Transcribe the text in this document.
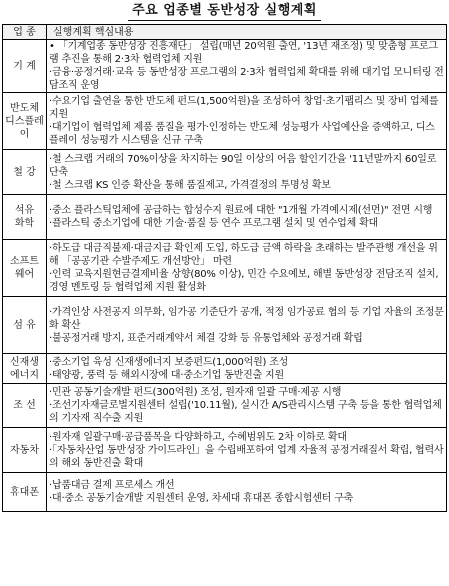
주요 업종별 동반성장 실행계획
업 종	실행계획 핵심내용

기 계	• 「기계업종 동반성장 진흥재단」 설립(매년 20억원 출연, '13년 재조정) 및 맞춤형 프로그램 추진을 통해 2·3차 협력업체 지원
·금융·공정거래·교육 등 동반성장 프로그램의 2·3차 협력업체 확대를 위해 대기업 모니터링 전담조직 운영

반도체
디스플레이	·수요기업 출연을 통한 반도체 펀드(1,500억원)을 조성하여 창업·초기팹리스 및 장비 업체를 지원
·대기업이 협력업체 제품 품질을 평가·인정하는 반도체 성능평가 사업예산을 증액하고, 디스플레이 성능평가 시스템을 신규 구축

철 강	·철 스크랩 거래의 70%이상을 차지하는 90일 이상의 어음 할인기간을 '11년말까지 60일로 단축
·철 스크랩 KS 인증 확산을 통해 품질제고, 가격결정의 투명성 확보

석유
화학	·중소 플라스틱업체에 공급하는 합성수지 원료에 대한 "1개월 가격예시제(선먼)" 전면 시행
·플라스틱 중소기업에 대한 기술·품질 등 연수 프로그램 설치 및 연수업체 확대

소프트
웨어	·하도급 대금직불제·대금지급 확인제 도입, 하도급 금액 하락을 초래하는 발주관행 개선을 위해 「공공기관 수발주제도 개선방안」 마련
·인력 교육지원현금결제비율 상향(80% 이상), 민간 수요예보, 해별 동반성장 전담조직 설치, 경영 멘토링 등 협력업체 지원 활성화

섬 유	·가격인상 사전공지 의무화, 임가공 기준단가 공개, 적정 임가공료 협의 등 기업 자율의 조정문화 확산
·불공정거래 방지, 표준거래계약서 체결 강화 등 유통업체와 공정거래 확립

신재생
에너지	·중소기업 육성 신재생에너지 보증펀드(1,000억원) 조성
·태양광, 풍력 등 해외시장에 대·중소기업 동반진출 지원

조 선	·민관 공동기술개발 펀드(300억원) 조성, 원자재 일괄 구매·제공 시행
·조선기자재글로벌지원센터 설립('10.11월), 실시간 A/S관리시스템 구축 등을 통한 협력업체의 기자재 직수출 지원

자동차	·원자재 일괄구매·공급품목을 다양화하고, 수혜범위도 2차 이하로 확대
·「자동차산업 동반성장 가이드라인」을 수립배포하여 업계 자율적 공정거래질서 확립, 협력사의 해외 동반진출 확대

휴대폰	·납품대금 결제 프로세스 개선
·대·중소 공동기술개발 지원센터 운영, 차세대 휴대폰 종합시험센터 구축
